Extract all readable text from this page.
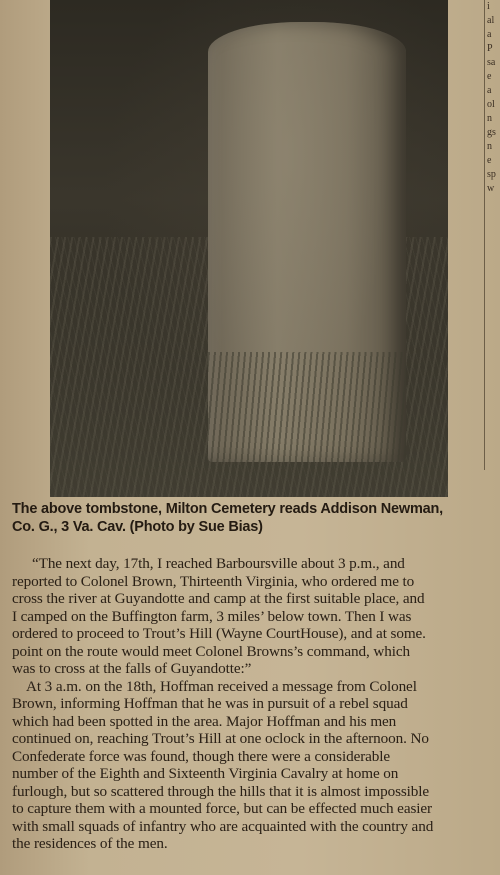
i
al
a
P
sa
e
a
ol
n
gs
n
e
sp
w
The above tombstone, Milton Cemetery reads Addison Newman,
Co. G., 3 Va. Cav. (Photo by Sue Bias)
“The next day, 17th, I reached Barboursville about 3 p.m., and
reported to Colonel Brown, Thirteenth Virginia, who ordered me to
cross the river at Guyandotte and camp at the first suitable place, and
I camped on the Buffington farm, 3 miles’ below town. Then I was
ordered to proceed to Trout’s Hill (Wayne CourtHouse), and at some.
point on the route would meet Colonel Browns’s command, which
was to cross at the falls of Guyandotte:”
At 3 a.m. on the 18th, Hoffman received a message from Colonel
Brown, informing Hoffman that he was in pursuit of a rebel squad
which had been spotted in the area. Major Hoffman and his men
continued on, reaching Trout’s Hill at one oclock in the afternoon. No
Confederate force was found, though there were a considerable
number of the Eighth and Sixteenth Virginia Cavalry at home on
furlough, but so scattered through the hills that it is almost impossible
to capture them with a mounted force, but can be effected much easier
with small squads of infantry who are acquainted with the country and
the residences of the men.
